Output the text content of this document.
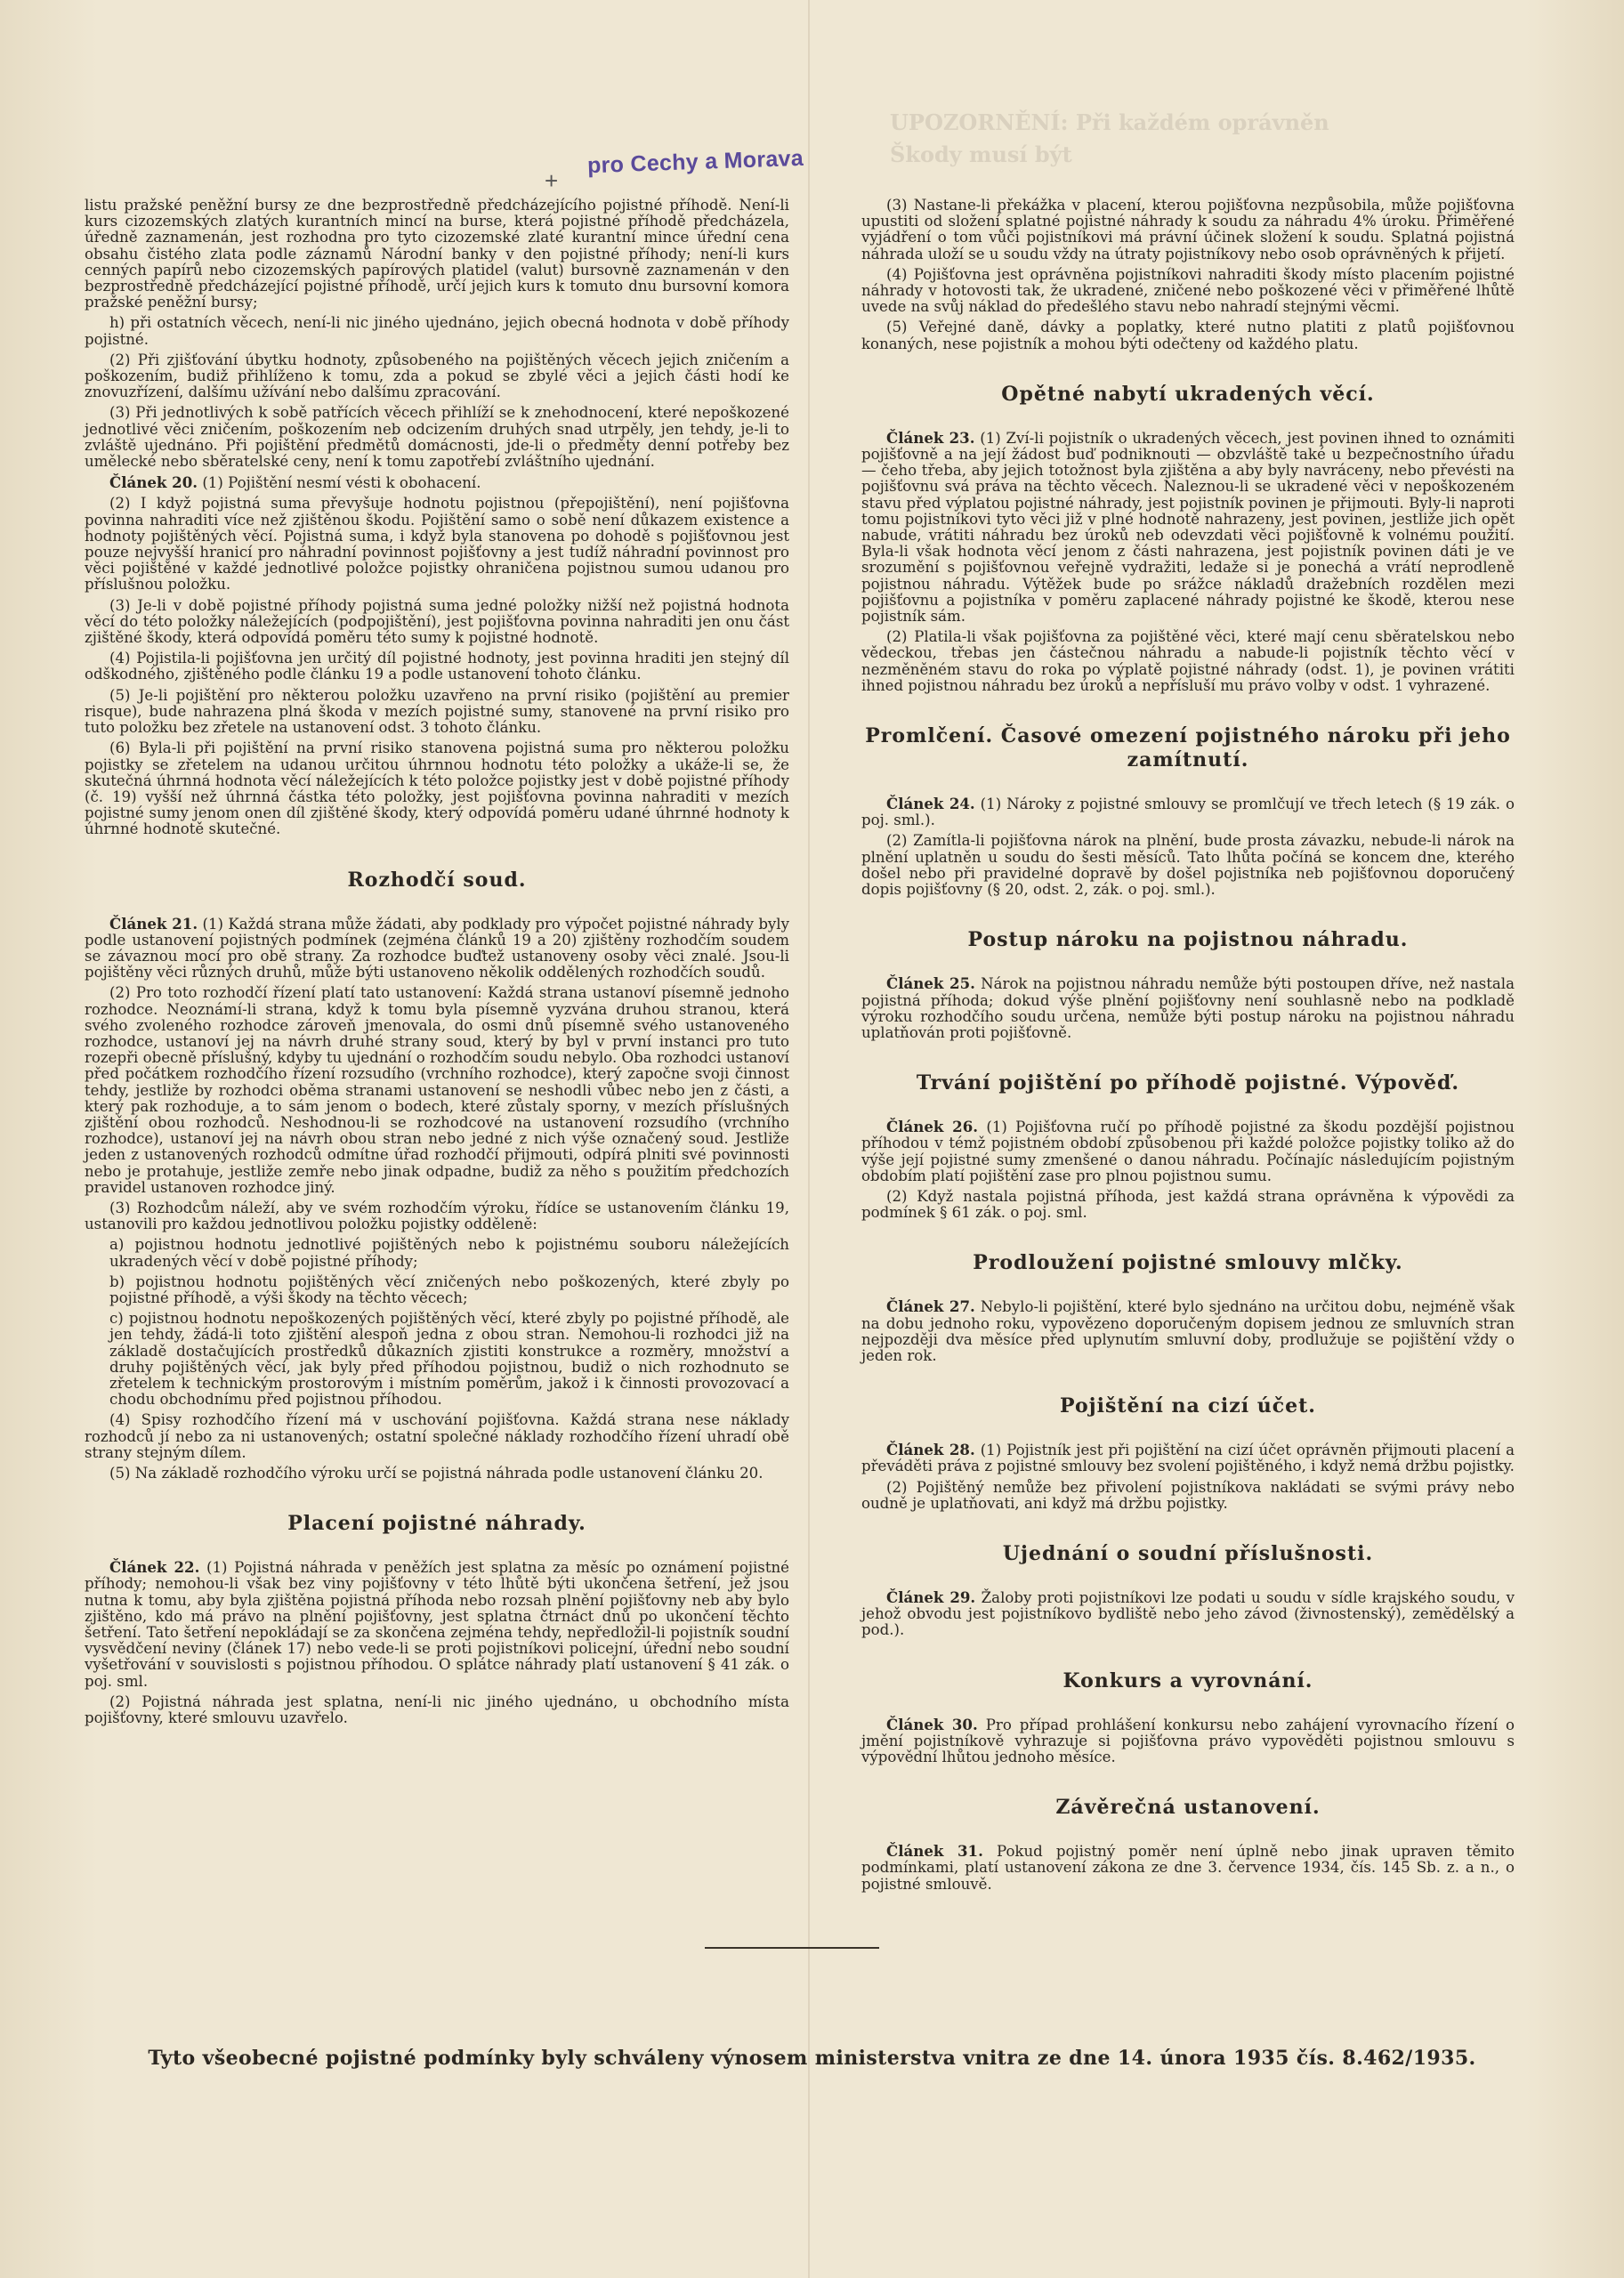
UPOZORNĚNÍ: Při každém oprávněn
Škody musí být
pro Cechy a Morava
+

listu pražské peněžní bursy ze dne bezprostředně předcházejícího pojistné příhodě. Není-li kurs cizozemských zlatých kurantních mincí na burse, která pojistné příhodě předcházela, úředně zaznamenán, jest rozhodna pro tyto cizozemské zlaté kurantní mince úřední cena obsahu čistého zlata podle záznamů Národní banky v den pojistné příhody; není-li kurs cenných papírů nebo cizozemských papírových platidel (valut) bursovně zaznamenán v den bezprostředně předcházející pojistné příhodě, určí jejich kurs k tomuto dnu bursovní komora pražské peněžní bursy;

h) při ostatních věcech, není-li nic jiného ujednáno, jejich obecná hodnota v době příhody pojistné.

(2) Při zjišťování úbytku hodnoty, způsobeného na pojištěných věcech jejich zničením a poškozením, budiž přihlíženo k tomu, zda a pokud se zbylé věci a jejich části hodí ke znovuzřízení, dalšímu užívání nebo dalšímu zpracování.

(3) Při jednotlivých k sobě patřících věcech přihlíží se k znehodnocení, které nepoškozené jednotlivé věci zničením, poškozením neb odcizením druhých snad utrpěly, jen tehdy, je-li to zvláště ujednáno. Při pojištění předmětů domácnosti, jde-li o předměty denní potřeby bez umělecké nebo sběratelské ceny, není k tomu zapotřebí zvláštního ujednání.

Článek 20. (1) Pojištění nesmí vésti k obohacení.

(2) I když pojistná suma převyšuje hodnotu pojistnou (přepojištění), není pojišťovna povinna nahraditi více než zjištěnou škodu. Pojištění samo o sobě není důkazem existence a hodnoty pojištěných věcí. Pojistná suma, i když byla stanovena po dohodě s pojišťovnou jest pouze nejvyšší hranicí pro náhradní povinnost pojišťovny a jest tudíž náhradní povinnost pro věci pojištěné v každé jednotlivé položce pojistky ohraničena pojistnou sumou udanou pro příslušnou položku.

(3) Je-li v době pojistné příhody pojistná suma jedné položky nižší než pojistná hodnota věcí do této položky náležejících (podpojištění), jest pojišťovna povinna nahraditi jen onu část zjištěné škody, která odpovídá poměru této sumy k pojistné hodnotě.

(4) Pojistila-li pojišťovna jen určitý díl pojistné hodnoty, jest povinna hraditi jen stejný díl odškodného, zjištěného podle článku 19 a podle ustanovení tohoto článku.

(5) Je-li pojištění pro některou položku uzavřeno na první risiko (pojištění au premier risque), bude nahrazena plná škoda v mezích pojistné sumy, stanovené na první risiko pro tuto položku bez zřetele na ustanovení odst. 3 tohoto článku.

(6) Byla-li při pojištění na první risiko stanovena pojistná suma pro některou položku pojistky se zřetelem na udanou určitou úhrnnou hodnotu této položky a ukáže-li se, že skutečná úhrnná hodnota věcí náležejících k této položce pojistky jest v době pojistné příhody (č. 19) vyšší než úhrnná částka této položky, jest pojišťovna povinna nahraditi v mezích pojistné sumy jenom onen díl zjištěné škody, který odpovídá poměru udané úhrnné hodnoty k úhrnné hodnotě skutečné.

Rozhodčí soud.

Článek 21. (1) Každá strana může žádati, aby podklady pro výpočet pojistné náhrady byly podle ustanovení pojistných podmínek (zejména článků 19 a 20) zjištěny rozhodčím soudem se závaznou mocí pro obě strany. Za rozhodce buďtež ustanoveny osoby věci znalé. Jsou-li pojištěny věci různých druhů, může býti ustanoveno několik oddělených rozhodčích soudů.

(2) Pro toto rozhodčí řízení platí tato ustanovení: Každá strana ustanoví písemně jednoho rozhodce. Neoznámí-li strana, když k tomu byla písemně vyzvána druhou stranou, která svého zvoleného rozhodce zároveň jmenovala, do osmi dnů písemně svého ustanoveného rozhodce, ustanoví jej na návrh druhé strany soud, který by byl v první instanci pro tuto rozepři obecně příslušný, kdyby tu ujednání o rozhodčím soudu nebylo. Oba rozhodci ustanoví před počátkem rozhodčího řízení rozsudího (vrchního rozhodce), který započne svoji činnost tehdy, jestliže by rozhodci oběma stranami ustanovení se neshodli vůbec nebo jen z části, a který pak rozhoduje, a to sám jenom o bodech, které zůstaly sporny, v mezích příslušných zjištění obou rozhodců. Neshodnou-li se rozhodcové na ustanovení rozsudího (vrchního rozhodce), ustanoví jej na návrh obou stran nebo jedné z nich výše označený soud. Jestliže jeden z ustanovených rozhodců odmítne úřad rozhodčí přijmouti, odpírá plniti své povinnosti nebo je protahuje, jestliže zemře nebo jinak odpadne, budiž za něho s použitím předchozích pravidel ustanoven rozhodce jiný.

(3) Rozhodcům náleží, aby ve svém rozhodčím výroku, řídíce se ustanovením článku 19, ustanovili pro každou jednotlivou položku pojistky odděleně:

a) pojistnou hodnotu jednotlivé pojištěných nebo k pojistnému souboru náležejících ukradených věcí v době pojistné příhody;

b) pojistnou hodnotu pojištěných věcí zničených nebo poškozených, které zbyly po pojistné příhodě, a výši škody na těchto věcech;

c) pojistnou hodnotu nepoškozených pojištěných věcí, které zbyly po pojistné příhodě, ale jen tehdy, žádá-li toto zjištění alespoň jedna z obou stran. Nemohou-li rozhodci již na základě dostačujících prostředků důkazních zjistiti konstrukce a rozměry, množství a druhy pojištěných věcí, jak byly před příhodou pojistnou, budiž o nich rozhodnuto se zřetelem k technickým prostorovým i místním poměrům, jakož i k činnosti provozovací a chodu obchodnímu před pojistnou příhodou.

(4) Spisy rozhodčího řízení má v uschování pojišťovna. Každá strana nese náklady rozhodců jí nebo za ni ustanovených; ostatní společné náklady rozhodčího řízení uhradí obě strany stejným dílem.

(5) Na základě rozhodčího výroku určí se pojistná náhrada podle ustanovení článku 20.

Placení pojistné náhrady.

Článek 22. (1) Pojistná náhrada v peněžích jest splatna za měsíc po oznámení pojistné příhody; nemohou-li však bez viny pojišťovny v této lhůtě býti ukončena šetření, jež jsou nutna k tomu, aby byla zjištěna pojistná příhoda nebo rozsah plnění pojišťovny neb aby bylo zjištěno, kdo má právo na plnění pojišťovny, jest splatna čtrnáct dnů po ukončení těchto šetření. Tato šetření nepokládají se za skončena zejména tehdy, nepředložil-li pojistník soudní vysvědčení neviny (článek 17) nebo vede-li se proti pojistníkovi policejní, úřední nebo soudní vyšetřování v souvislosti s pojistnou příhodou. O splátce náhrady platí ustanovení § 41 zák. o poj. sml.

(2) Pojistná náhrada jest splatna, není-li nic jiného ujednáno, u obchodního místa pojišťovny, které smlouvu uzavřelo.

(3) Nastane-li překážka v placení, kterou pojišťovna nezpůsobila, může pojišťovna upustiti od složení splatné pojistné náhrady k soudu za náhradu 4% úroku. Přiměřené vyjádření o tom vůči pojistníkovi má právní účinek složení k soudu. Splatná pojistná náhrada uloží se u soudu vždy na útraty pojistníkovy nebo osob oprávněných k přijetí.

(4) Pojišťovna jest oprávněna pojistníkovi nahraditi škody místo placením pojistné náhrady v hotovosti tak, že ukradené, zničené nebo poškozené věci v přiměřené lhůtě uvede na svůj náklad do předešlého stavu nebo nahradí stejnými věcmi.

(5) Veřejné daně, dávky a poplatky, které nutno platiti z platů pojišťovnou konaných, nese pojistník a mohou býti odečteny od každého platu.

Opětné nabytí ukradených věcí.

Článek 23. (1) Zví-li pojistník o ukradených věcech, jest povinen ihned to oznámiti pojišťovně a na její žádost buď podniknouti — obzvláště také u bezpečnostního úřadu — čeho třeba, aby jejich totožnost byla zjištěna a aby byly navráceny, nebo převésti na pojišťovnu svá práva na těchto věcech. Naleznou-li se ukradené věci v nepoškozeném stavu před výplatou pojistné náhrady, jest pojistník povinen je přijmouti. Byly-li naproti tomu pojistníkovi tyto věci již v plné hodnotě nahrazeny, jest povinen, jestliže jich opět nabude, vrátiti náhradu bez úroků neb odevzdati věci pojišťovně k volnému použití. Byla-li však hodnota věcí jenom z části nahrazena, jest pojistník povinen dáti je ve srozumění s pojišťovnou veřejně vydražiti, ledaže si je ponechá a vrátí neprodleně pojistnou náhradu. Výtěžek bude po srážce nákladů dražebních rozdělen mezi pojišťovnu a pojistníka v poměru zaplacené náhrady pojistné ke škodě, kterou nese pojistník sám.

(2) Platila-li však pojišťovna za pojištěné věci, které mají cenu sběratelskou nebo vědeckou, třebas jen částečnou náhradu a nabude-li pojistník těchto věcí v nezměněném stavu do roka po výplatě pojistné náhrady (odst. 1), je povinen vrátiti ihned pojistnou náhradu bez úroků a nepřísluší mu právo volby v odst. 1 vyhrazené.

Promlčení. Časové omezení pojistného nároku při jeho zamítnutí.

Článek 24. (1) Nároky z pojistné smlouvy se promlčují ve třech letech (§ 19 zák. o poj. sml.).

(2) Zamítla-li pojišťovna nárok na plnění, bude prosta závazku, nebude-li nárok na plnění uplatněn u soudu do šesti měsíců. Tato lhůta počíná se koncem dne, kterého došel nebo při pravidelné dopravě by došel pojistníka neb pojišťovnou doporučený dopis pojišťovny (§ 20, odst. 2, zák. o poj. sml.).

Postup nároku na pojistnou náhradu.

Článek 25. Nárok na pojistnou náhradu nemůže býti postoupen dříve, než nastala pojistná příhoda; dokud výše plnění pojišťovny není souhlasně nebo na podkladě výroku rozhodčího soudu určena, nemůže býti postup nároku na pojistnou náhradu uplatňován proti pojišťovně.

Trvání pojištění po příhodě pojistné. Výpověď.

Článek 26. (1) Pojišťovna ručí po příhodě pojistné za škodu pozdější pojistnou příhodou v témž pojistném období způsobenou při každé položce pojistky toliko až do výše její pojistné sumy zmenšené o danou náhradu. Počínajíc následujícím pojistným obdobím platí pojištění zase pro plnou pojistnou sumu.

(2) Když nastala pojistná příhoda, jest každá strana oprávněna k výpovědi za podmínek § 61 zák. o poj. sml.

Prodloužení pojistné smlouvy mlčky.

Článek 27. Nebylo-li pojištění, které bylo sjednáno na určitou dobu, nejméně však na dobu jednoho roku, vypovězeno doporučeným dopisem jednou ze smluvních stran nejpozději dva měsíce před uplynutím smluvní doby, prodlužuje se pojištění vždy o jeden rok.

Pojištění na cizí účet.

Článek 28. (1) Pojistník jest při pojištění na cizí účet oprávněn přijmouti placení a převáděti práva z pojistné smlouvy bez svolení pojištěného, i když nemá držbu pojistky.

(2) Pojištěný nemůže bez přivolení pojistníkova nakládati se svými právy nebo oudně je uplatňovati, ani když má držbu pojistky.

Ujednání o soudní příslušnosti.

Článek 29. Žaloby proti pojistníkovi lze podati u soudu v sídle krajského soudu, v jehož obvodu jest pojistníkovo bydliště nebo jeho závod (živnostenský), zemědělský a pod.).

Konkurs a vyrovnání.

Článek 30. Pro případ prohlášení konkursu nebo zahájení vyrovnacího řízení o jmění pojistníkově vyhrazuje si pojišťovna právo vypověděti pojistnou smlouvu s výpovědní lhůtou jednoho měsíce.

Závěrečná ustanovení.

Článek 31. Pokud pojistný poměr není úplně nebo jinak upraven těmito podmínkami, platí ustanovení zákona ze dne 3. července 1934, čís. 145 Sb. z. a n., o pojistné smlouvě.

Tyto všeobecné pojistné podmínky byly schváleny výnosem ministerstva vnitra ze dne 14. února 1935 čís. 8.462/1935.
